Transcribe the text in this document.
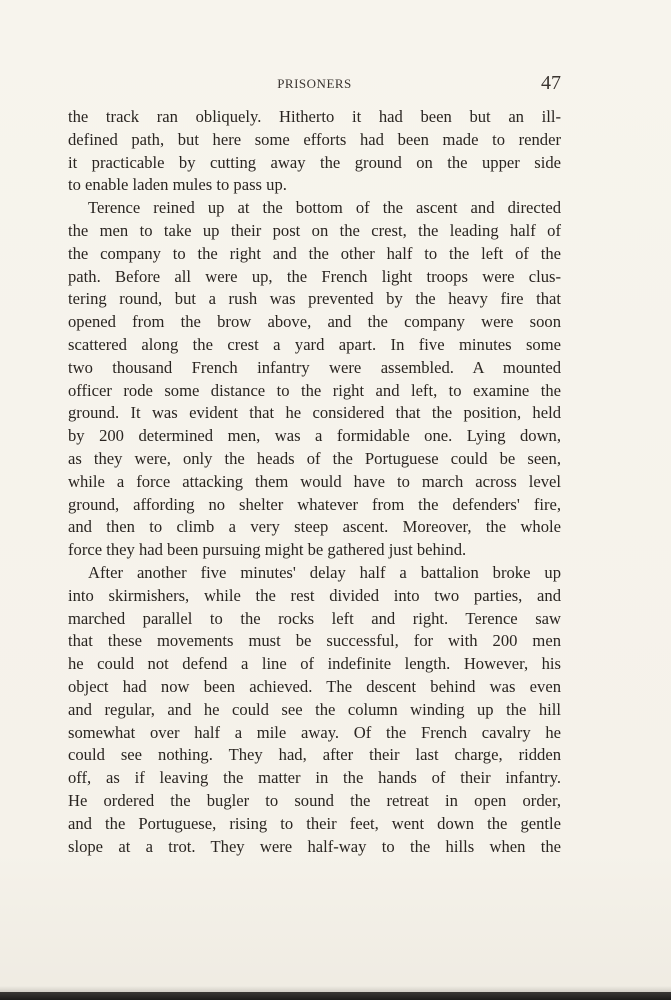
PRISONERS	47
the track ran obliquely. Hitherto it had been but an ill-
defined path, but here some efforts had been made to render
it practicable by cutting away the ground on the upper side
to enable laden mules to pass up.
Terence reined up at the bottom of the ascent and directed
the men to take up their post on the crest, the leading half of
the company to the right and the other half to the left of the
path. Before all were up, the French light troops were clus-
tering round, but a rush was prevented by the heavy fire that
opened from the brow above, and the company were soon
scattered along the crest a yard apart. In five minutes some
two thousand French infantry were assembled. A mounted
officer rode some distance to the right and left, to examine the
ground. It was evident that he considered that the position, held
by 200 determined men, was a formidable one. Lying down,
as they were, only the heads of the Portuguese could be seen,
while a force attacking them would have to march across level
ground, affording no shelter whatever from the defenders' fire,
and then to climb a very steep ascent. Moreover, the whole
force they had been pursuing might be gathered just behind.
After another five minutes' delay half a battalion broke up
into skirmishers, while the rest divided into two parties, and
marched parallel to the rocks left and right. Terence saw
that these movements must be successful, for with 200 men
he could not defend a line of indefinite length. However, his
object had now been achieved. The descent behind was even
and regular, and he could see the column winding up the hill
somewhat over half a mile away. Of the French cavalry he
could see nothing. They had, after their last charge, ridden
off, as if leaving the matter in the hands of their infantry.
He ordered the bugler to sound the retreat in open order,
and the Portuguese, rising to their feet, went down the gentle
slope at a trot. They were half-way to the hills when the
